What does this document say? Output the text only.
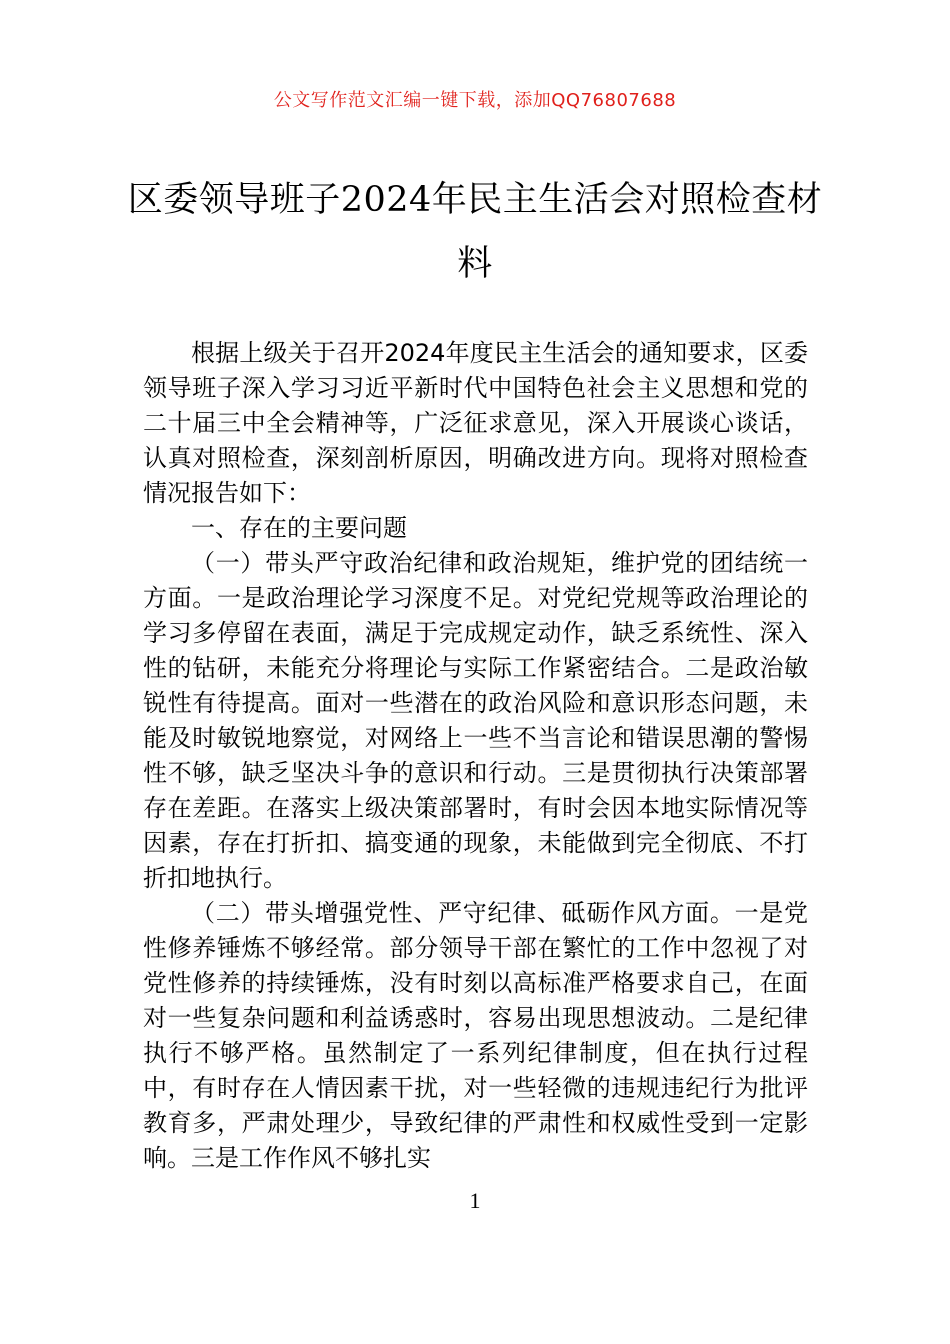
公文写作范文汇编一键下载，添加QQ76807688
区委领导班子2024年民主生活会对照检查材料

根据上级关于召开2024年度民主生活会的通知要求，区委领导班子深入学习习近平新时代中国特色社会主义思想和党的二十届三中全会精神等，广泛征求意见，深入开展谈心谈话，认真对照检查，深刻剖析原因，明确改进方向。现将对照检查情况报告如下：

一、存在的主要问题

（一）带头严守政治纪律和政治规矩，维护党的团结统一方面。一是政治理论学习深度不足。对党纪党规等政治理论的学习多停留在表面，满足于完成规定动作，缺乏系统性、深入性的钻研，未能充分将理论与实际工作紧密结合。二是政治敏锐性有待提高。面对一些潜在的政治风险和意识形态问题，未能及时敏锐地察觉，对网络上一些不当言论和错误思潮的警惕性不够，缺乏坚决斗争的意识和行动。三是贯彻执行决策部署存在差距。在落实上级决策部署时，有时会因本地实际情况等因素，存在打折扣、搞变通的现象，未能做到完全彻底、不打折扣地执行。

（二）带头增强党性、严守纪律、砥砺作风方面。一是党性修养锤炼不够经常。部分领导干部在繁忙的工作中忽视了对党性修养的持续锤炼，没有时刻以高标准严格要求自己，在面对一些复杂问题和利益诱惑时，容易出现思想波动。二是纪律执行不够严格。虽然制定了一系列纪律制度，但在执行过程中，有时存在人情因素干扰，对一些轻微的违规违纪行为批评教育多，严肃处理少，导致纪律的严肃性和权威性受到一定影响。三是工作作风不够扎实

1
